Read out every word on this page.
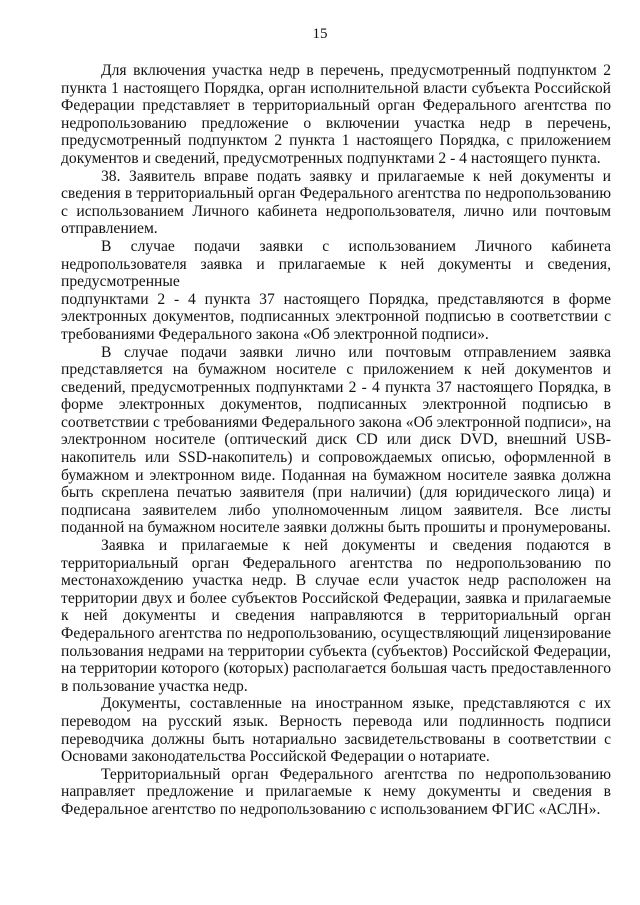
15

Для включения участка недр в перечень, предусмотренный подпунктом 2 пункта 1 настоящего Порядка, орган исполнительной власти субъекта Российской Федерации представляет в территориальный орган Федерального агентства по недропользованию предложение о включении участка недр в перечень, предусмотренный подпунктом 2 пункта 1 настоящего Порядка, с приложением документов и сведений, предусмотренных подпунктами 2 - 4 настоящего пункта.

38. Заявитель вправе подать заявку и прилагаемые к ней документы и сведения в территориальный орган Федерального агентства по недропользованию с использованием Личного кабинета недропользователя, лично или почтовым отправлением.

В случае подачи заявки с использованием Личного кабинета недропользователя заявка и прилагаемые к ней документы и сведения, предусмотренные

подпунктами 2 - 4 пункта 37 настоящего Порядка, представляются в форме электронных документов, подписанных электронной подписью в соответствии с требованиями Федерального закона «Об электронной подписи».

В случае подачи заявки лично или почтовым отправлением заявка представляется на бумажном носителе с приложением к ней документов и сведений, предусмотренных подпунктами 2 - 4 пункта 37 настоящего Порядка, в форме электронных документов, подписанных электронной подписью в соответствии с требованиями Федерального закона «Об электронной подписи», на электронном носителе (оптический диск CD или диск DVD, внешний USB-накопитель или SSD-накопитель) и сопровождаемых описью, оформленной в бумажном и электронном виде. Поданная на бумажном носителе заявка должна быть скреплена печатью заявителя (при наличии) (для юридического лица) и подписана заявителем либо уполномоченным лицом заявителя. Все листы поданной на бумажном носителе заявки должны быть прошиты и пронумерованы.

Заявка и прилагаемые к ней документы и сведения подаются в территориальный орган Федерального агентства по недропользованию по местонахождению участка недр. В случае если участок недр расположен на территории двух и более субъектов Российской Федерации, заявка и прилагаемые к ней документы и сведения направляются в территориальный орган Федерального агентства по недропользованию, осуществляющий лицензирование пользования недрами на территории субъекта (субъектов) Российской Федерации, на территории которого (которых) располагается большая часть предоставленного в пользование участка недр.

Документы, составленные на иностранном языке, представляются с их переводом на русский язык. Верность перевода или подлинность подписи переводчика должны быть нотариально засвидетельствованы в соответствии с Основами законодательства Российской Федерации о нотариате.

Территориальный орган Федерального агентства по недропользованию направляет предложение и прилагаемые к нему документы и сведения в Федеральное агентство по недропользованию с использованием ФГИС «АСЛН».
